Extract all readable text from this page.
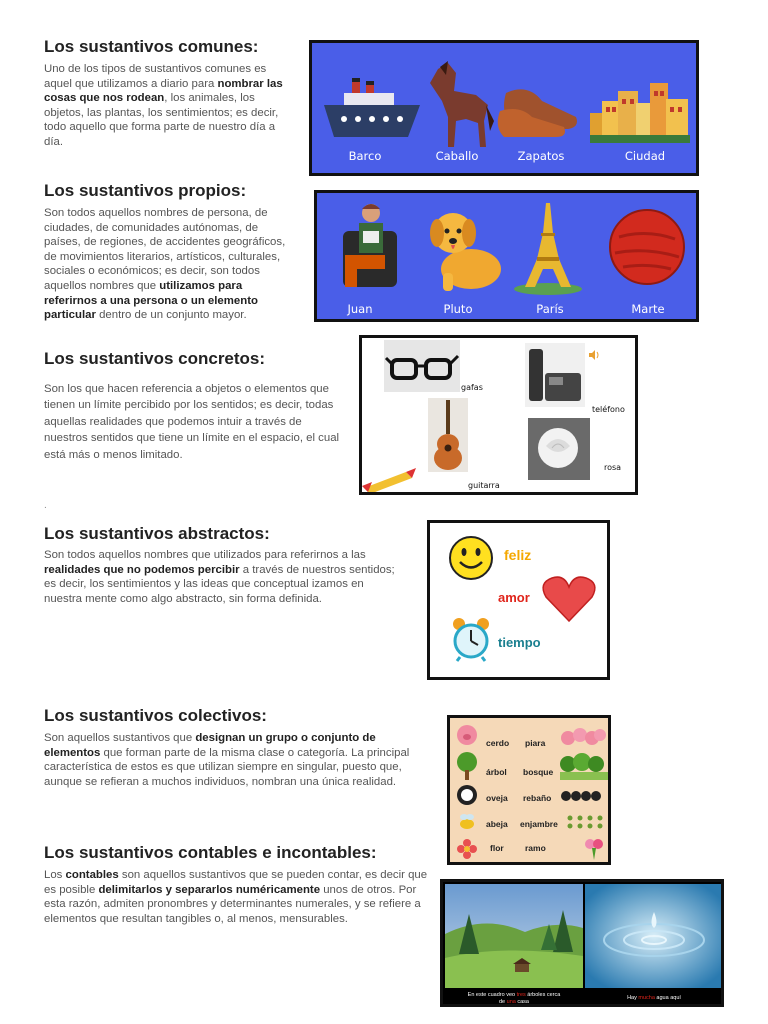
Los sustantivos comunes:

Uno de los tipos de sustantivos comunes es aquel que utilizamos a diario para nombrar las cosas que nos rodean, los animales, los objetos, las plantas, los sentimientos; es decir, todo aquello que forma parte de nuestro día a día.

Barco	Caballo	Zapatos	Ciudad
Los sustantivos propios:

Son todos aquellos nombres de persona, de ciudades, de comunidades autónomas, de países, de regiones, de accidentes geográficos, de movimientos literarios, artísticos, culturales, sociales o económicos; es decir, son todos aquellos nombres que utilizamos para referirnos a una persona o un elemento particular dentro de un conjunto mayor.	Juan	Pluto	París	Marte
Los sustantivos concretos:

Son los que hacen referencia a objetos o elementos que tienen un límite percibido por los sentidos; es decir, todas aquellas realidades que podemos intuir a través de nuestros sentidos que tiene un límite en el espacio, el cual está más o menos limitado.

gafas
teléfono
guitarra
rosa
.
Los sustantivos abstractos:

Son todos aquellos nombres que utilizados para referirnos a las realidades que no podemos percibir a través de nuestros sentidos; es decir, los sentimientos y las ideas que conceptual izamos en nuestra mente como algo abstracto, sin forma definida.

feliz
amor
tiempo
Los sustantivos colectivos:

Son aquellos sustantivos que designan un grupo o conjunto de elementos que forman parte de la misma clase o categoría. La principal característica de estos es que utilizan siempre en singular, puesto que, aunque se refieran a muchos individuos, nombran una única realidad.

cerdo piara
árbol bosque
oveja rebaño
abeja enjambre
flor	ramo
Los sustantivos contables e incontables:

Los contables son aquellos sustantivos que se pueden contar, es decir que es posible delimitarlos y separarlos numéricamente unos de otros. Por esta razón, admiten pronombres y determinantes numerales, y se refiere a elementos que resultan tangibles o, al menos, mensurables.

En este cuadro veo tres árboles cerca
de una casa
Hay mucha agua aquí
